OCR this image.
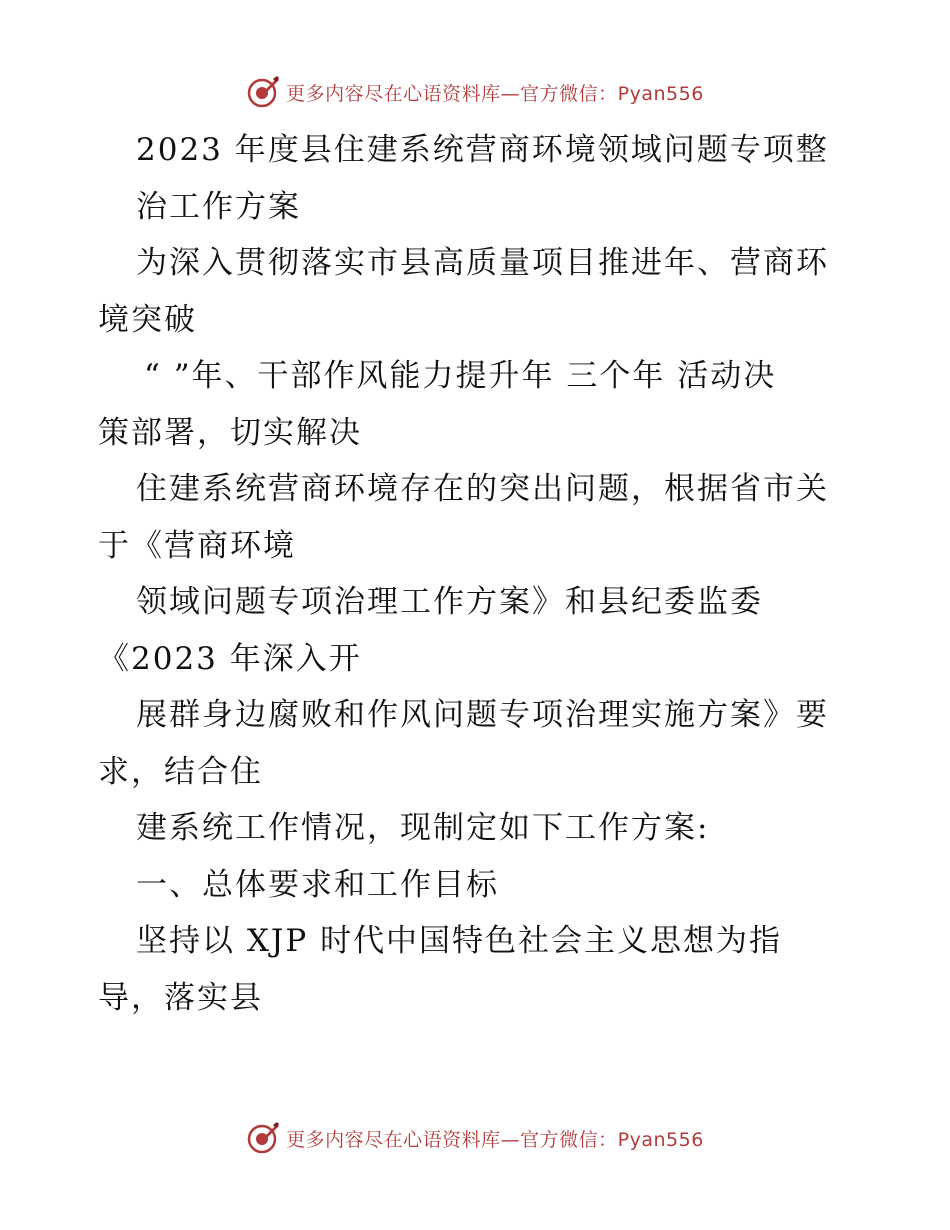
更多内容尽在心语资料库—官方微信：Pyan556
2023 年度县住建系统营商环境领域问题专项整
治工作方案
为深入贯彻落实市县高质量项目推进年、营商环
境突破
“ ”年、干部作风能力提升年 三个年 活动决
策部署，切实解决
住建系统营商环境存在的突出问题，根据省市关
于《营商环境
领域问题专项治理工作方案》和县纪委监委
《2023 年深入开
展群身边腐败和作风问题专项治理实施方案》要
求，结合住
建系统工作情况，现制定如下工作方案:
一、总体要求和工作目标
坚持以 XJP 时代中国特色社会主义思想为指
导，落实县
更多内容尽在心语资料库—官方微信：Pyan556
